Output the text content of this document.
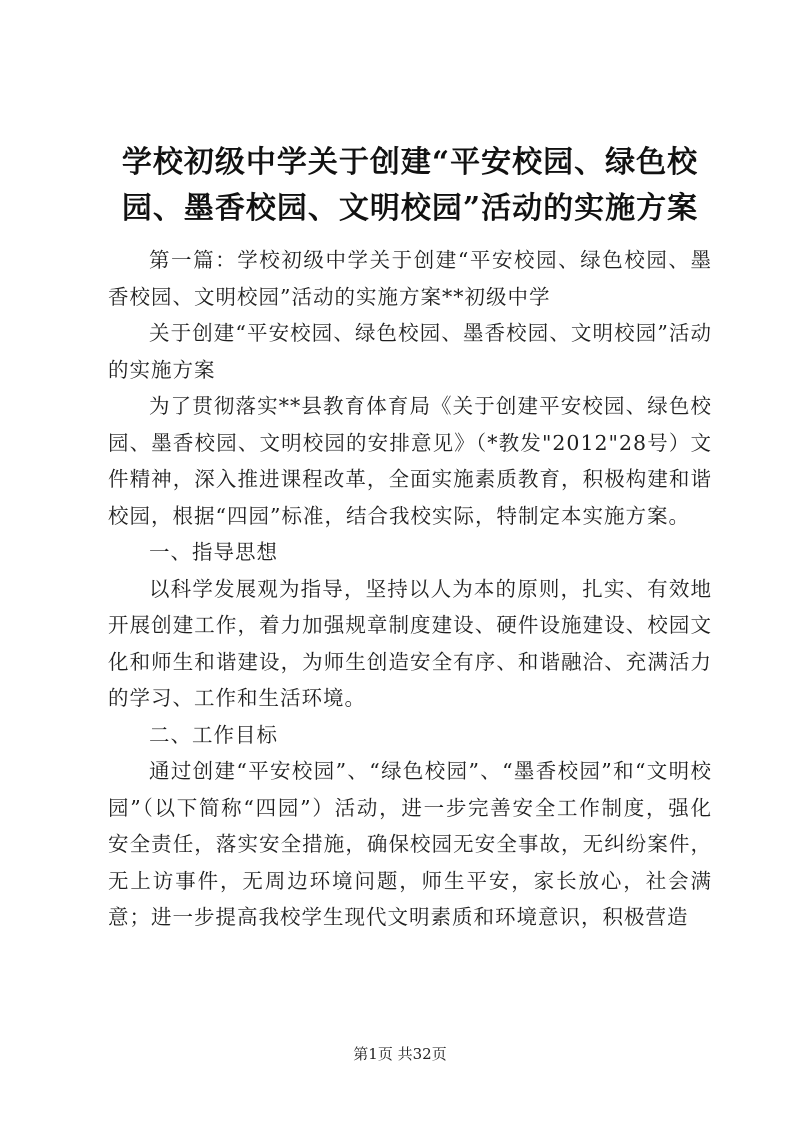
学校初级中学关于创建“平安校园、绿色校园、墨香校园、文明校园”活动的实施方案

第一篇：学校初级中学关于创建“平安校园、绿色校园、墨香校园、文明校园”活动的实施方案**初级中学

关于创建“平安校园、绿色校园、墨香校园、文明校园”活动的实施方案

为了贯彻落实**县教育体育局《关于创建平安校园、绿色校园、墨香校园、文明校园的安排意见》（*教发"2012"28号）文件精神，深入推进课程改革，全面实施素质教育，积极构建和谐校园，根据“四园”标准，结合我校实际，特制定本实施方案。

一、指导思想

以科学发展观为指导，坚持以人为本的原则，扎实、有效地开展创建工作，着力加强规章制度建设、硬件设施建设、校园文化和师生和谐建设，为师生创造安全有序、和谐融洽、充满活力的学习、工作和生活环境。

二、工作目标

通过创建“平安校园”、“绿色校园”、“墨香校园”和“文明校园”（以下简称“四园”）活动，进一步完善安全工作制度，强化安全责任，落实安全措施，确保校园无安全事故，无纠纷案件，无上访事件，无周边环境问题，师生平安，家长放心，社会满意；进一步提高我校学生现代文明素质和环境意识，积极营造

第1页 共32页
